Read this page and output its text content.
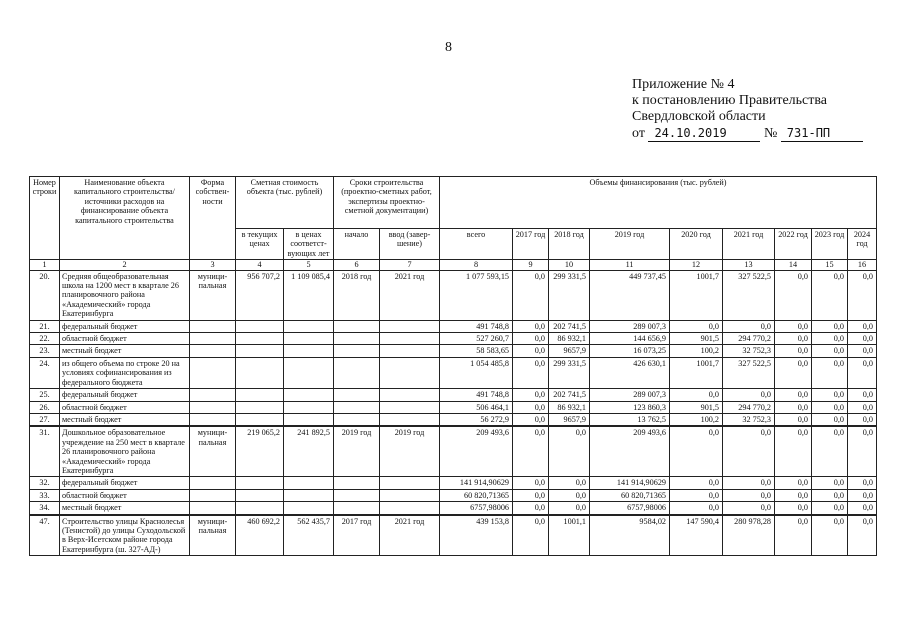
8
Приложение № 4
к постановлению Правительства
Свердловской области
от 24.10.2019	№ 731-ПП
Номер строки	Наименование объекта капитального строительства/ источники расходов на финансирование объекта капитального строительства	Форма собствен-ности	Сметная стоимость объекта (тыс. рублей)		Сроки строительства (проектно-сметных работ, экспертизы проектно-сметной документации)		Объемы финансирования (тыс. рублей)								
			в текущих ценах	в ценах соответст-вующих лет	начало	ввод (завер-шение)	всего	2017 год	2018 год	2019 год	2020 год	2021 год	2022 год	2023 год	2024 год
1	2	3	4	5	6	7	8	9	10	11	12	13	14	15	16
20.	Средняя общеобразовательная школа на 1200 мест в квартале 26 планировочного района «Академический» города Екатеринбурга	муници-пальная	956 707,2	1 109 085,4	2018 год	2021 год	1 077 593,15	0,0	299 331,5	449 737,45	1001,7	327 522,5	0,0	0,0	0,0
21.	федеральный бюджет						491 748,8	0,0	202 741,5	289 007,3	0,0	0,0	0,0	0,0	0,0
22.	областной бюджет						527 260,7	0,0	86 932,1	144 656,9	901,5	294 770,2	0,0	0,0	0,0
23.	местный бюджет						58 583,65	0,0	9657,9	16 073,25	100,2	32 752,3	0,0	0,0	0,0
24.	из общего объема по строке 20 на условиях софинансирования из федерального бюджета						1 054 485,8	0,0	299 331,5	426 630,1	1001,7	327 522,5	0,0	0,0	0,0
25.	федеральный бюджет						491 748,8	0,0	202 741,5	289 007,3	0,0	0,0	0,0	0,0	0,0
26.	областной бюджет						506 464,1	0,0	86 932,1	123 860,3	901,5	294 770,2	0,0	0,0	0,0
27.	местный бюджет						56 272,9	0,0	9657,9	13 762,5	100,2	32 752,3	0,0	0,0	0,0
31.	Дошкольное образовательное учреждение на 250 мест в квартале 26 планировочного района «Академический» города Екатеринбурга	муници-пальная	219 065,2	241 892,5	2019 год	2019 год	209 493,6	0,0	0,0	209 493,6	0,0	0,0	0,0	0,0	0,0
32.	федеральный бюджет						141 914,90629	0,0	0,0	141 914,90629	0,0	0,0	0,0	0,0	0,0
33.	областной бюджет						60 820,71365	0,0	0,0	60 820,71365	0,0	0,0	0,0	0,0	0,0
34.	местный бюджет						6757,98006	0,0	0,0	6757,98006	0,0	0,0	0,0	0,0	0,0
47.	Строительство улицы Краснолесья (Тенистой) до улицы Суходольской в Верх-Исетском районе города Екатеринбурга (ш. 327-АД-)	муници-пальная	460 692,2	562 435,7	2017 год	2021 год	439 153,8	0,0	1001,1	9584,02	147 590,4	280 978,28	0,0	0,0	0,0
